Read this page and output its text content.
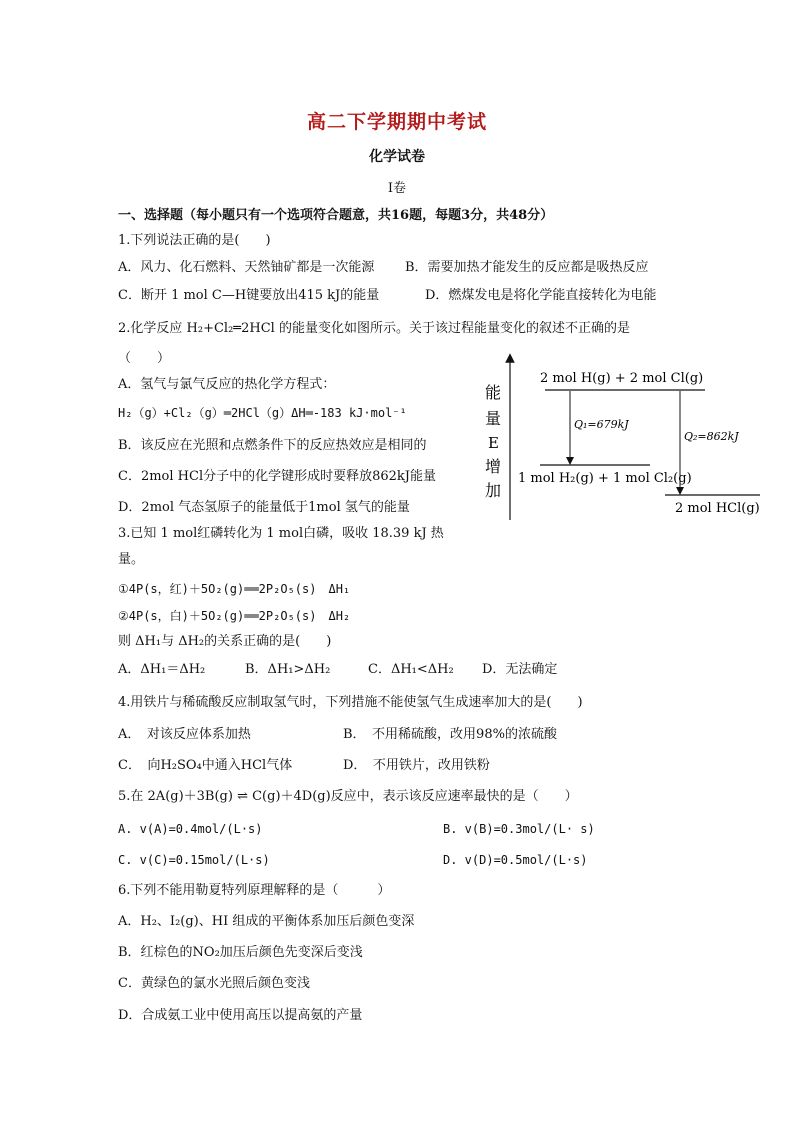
高二下学期期中考试
化学试卷
Ⅰ卷
一、选择题（每小题只有一个选项符合题意，共16题，每题3分，共48分）
1.下列说法正确的是(　　)
A．风力、化石燃料、天然铀矿都是一次能源 B．需要加热才能发生的反应都是吸热反应
C．断开 1 mol C—H键要放出415 kJ的能量	D．燃煤发电是将化学能直接转化为电能
2.化学反应 H₂+Cl₂═2HCl 的能量变化如图所示。关于该过程能量变化的叙述不正确的是
（　　）
A．氢气与氯气反应的热化学方程式：
H₂（g）+Cl₂（g）═2HCl（g）ΔH═-183 kJ·mol⁻¹
B．该反应在光照和点燃条件下的反应热效应是相同的
C．2mol HCl分子中的化学键形成时要释放862kJ能量
D．2mol 气态氢原子的能量低于1mol 氢气的能量
能
量
E
增
加
2 mol H(g) + 2 mol Cl(g)
1 mol H₂(g) + 1 mol Cl₂(g)
2 mol HCl(g)
Q₁=679kJ
Q₂=862kJ
3.已知 1 mol红磷转化为 1 mol白磷，吸收 18.39 kJ 热
量。
①4P(s，红)＋5O₂(g)══2P₂O₅(s)　ΔH₁
②4P(s，白)＋5O₂(g)══2P₂O₅(s)　ΔH₂
则 ΔH₁与 ΔH₂的关系正确的是(　　)
A．ΔH₁＝ΔH₂	B．ΔH₁>ΔH₂	C．ΔH₁<ΔH₂ D．无法确定
4.用铁片与稀硫酸反应制取氢气时，下列措施不能使氢气生成速率加大的是(　　)
A．　对该反应体系加热	B．　不用稀硫酸，改用98%的浓硫酸
C．　向H₂SO₄中通入HCl气体	D．　不用铁片，改用铁粉
5.在 2A(g)＋3B(g) ⇌ C(g)＋4D(g)反应中，表示该反应速率最快的是（　　）
A. v(A)=0.4mol/(L·s)	B. v(B)=0.3mol/(L· s)
C. v(C)=0.15mol/(L·s)	D. v(D)=0.5mol/(L·s)
6.下列不能用勒夏特列原理解释的是（　　　）
A．H₂、I₂(g)、HI 组成的平衡体系加压后颜色变深
B．红棕色的NO₂加压后颜色先变深后变浅
C．黄绿色的氯水光照后颜色变浅
D．合成氨工业中使用高压以提高氨的产量
